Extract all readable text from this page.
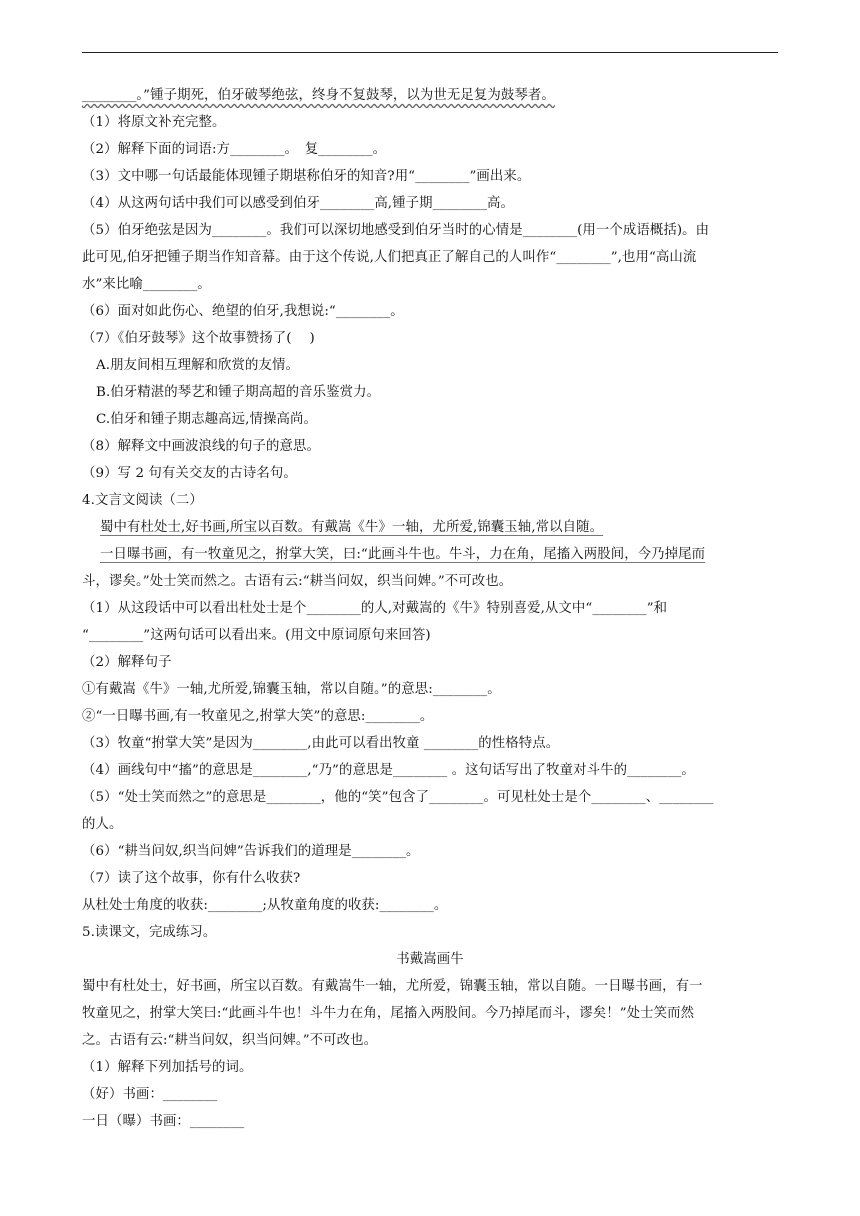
________。”锺子期死，伯牙破琴绝弦，终身不复鼓琴，以为世无足复为鼓琴者。
（1）将原文补充完整。
（2）解释下面的词语:方________。　复________。
（3）文中哪一句话最能体现锺子期堪称伯牙的知音?用“________”画出来。
（4）从这两句话中我们可以感受到伯牙________高,锺子期________高。
（5）伯牙绝弦是因为________。我们可以深切地感受到伯牙当时的心情是________(用一个成语概括)。由
此可见,伯牙把锺子期当作知音幕。由于这个传说,人们把真正了解自己的人叫作“________”,也用“高山流
水”来比喻________。
（6）面对如此伤心、绝望的伯牙,我想说:“________。
（7）《伯牙鼓琴》这个故事赞扬了(　 )
A.朋友间相互理解和欣赏的友情。
B.伯牙精湛的琴艺和锺子期高超的音乐鉴赏力。
C.伯牙和锺子期志趣高远,情操高尚。
（8）解释文中画波浪线的句子的意思。
（9）写 2 句有关交友的古诗名句。
4.文言文阅读（二）
蜀中有杜处士,好书画,所宝以百数。有戴嵩《牛》一轴，尤所爱,锦囊玉轴,常以自随。
一日曝书画，有一牧童见之，拊掌大笑，曰:“此画斗牛也。牛斗，力在角，尾搐入两股间，今乃掉尾而
斗，谬矣。”处士笑而然之。古语有云:“耕当问奴，织当问婢。”不可改也。
（1）从这段话中可以看出杜处士是个________的人,对戴嵩的《牛》特别喜爱,从文中“________”和
“________”这两句话可以看出来。(用文中原词原句来回答)
（2）解释句子
①有戴嵩《牛》一轴,尤所爱,锦囊玉轴，常以自随。”的意思:________。
②“一日曝书画,有一牧童见之,拊掌大笑”的意思:________。
（3）牧童“拊掌大笑”是因为________,由此可以看出牧童 ________的性格特点。
（4）画线句中“搐”的意思是________,“乃”的意思是________ 。这句话写出了牧童对斗牛的________。
（5）“处士笑而然之”的意思是________，他的“笑”包含了________。可见杜处士是个________、________
的人。
（6）“耕当问奴,织当问婢”告诉我们的道理是________。
（7）读了这个故事，你有什么收获?
从杜处士角度的收获:________;从牧童角度的收获:________。
5.读课文，完成练习。
书戴嵩画牛
蜀中有杜处士，好书画，所宝以百数。有戴嵩牛一轴，尤所爱，锦囊玉轴，常以自随。一日曝书画，有一
牧童见之，拊掌大笑曰:“此画斗牛也！斗牛力在角，尾搐入两股间。今乃掉尾而斗，谬矣！”处士笑而然
之。古语有云:“耕当问奴，织当问婢。”不可改也。
（1）解释下列加括号的词。
（好）书画：________
一日（曝）书画：________
